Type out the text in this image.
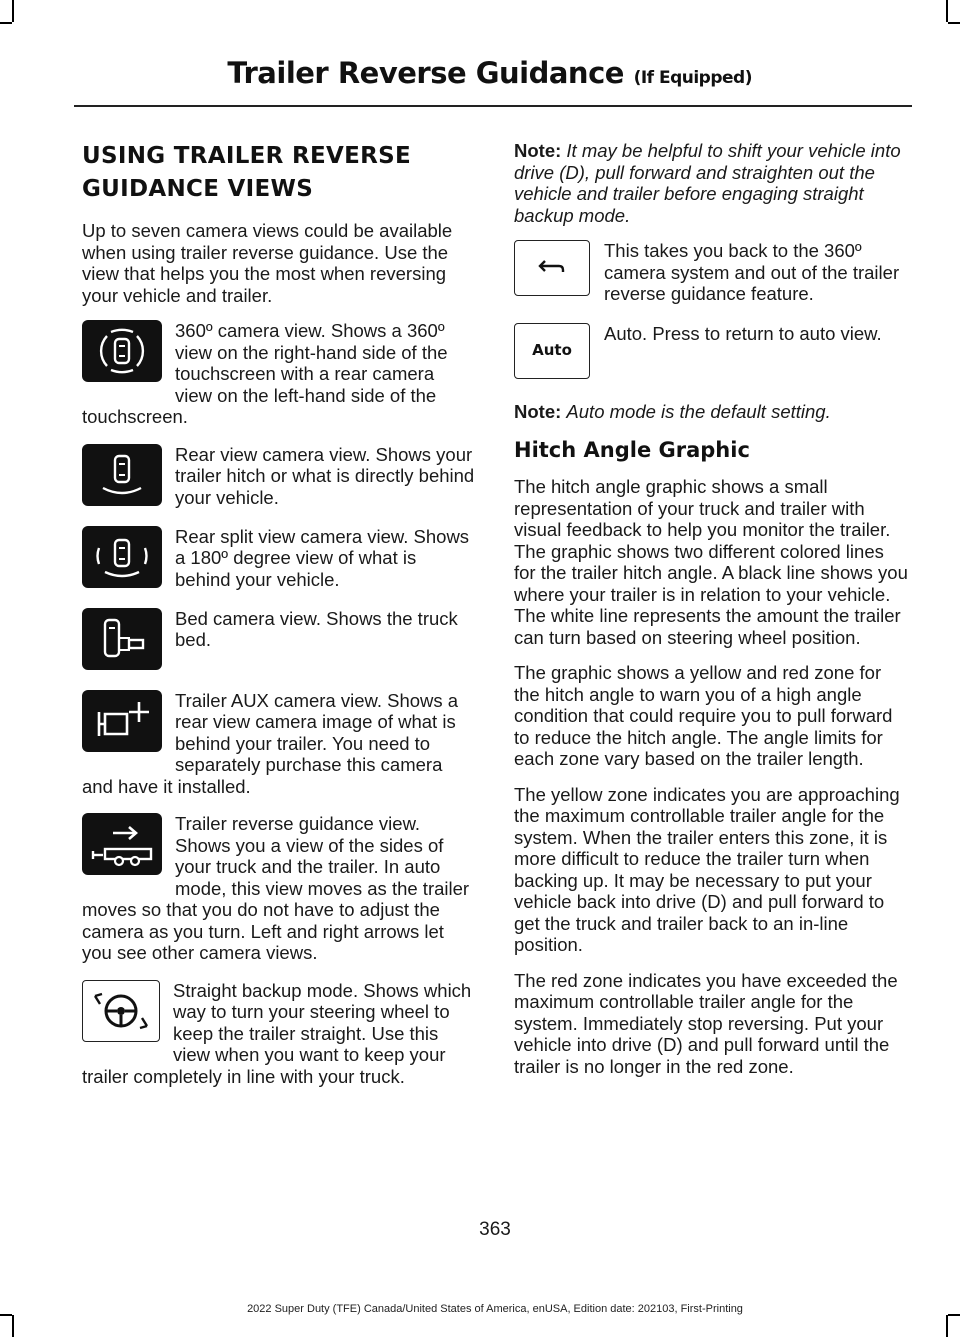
Trailer Reverse Guidance (If Equipped)
USING TRAILER REVERSE
GUIDANCE VIEWS

Up to seven camera views could be available when using trailer reverse guidance. Use the view that helps you the most when reversing your vehicle and trailer.

360º camera view. Shows a 360º view on the right-hand side of the touchscreen with a rear camera view on the left-hand side of the touchscreen.
Rear view camera view. Shows your trailer hitch or what is directly behind your vehicle.
Rear split view camera view. Shows a 180º degree view of what is behind your vehicle.
Bed camera view. Shows the truck bed.
Trailer AUX camera view. Shows a rear view camera image of what is behind your trailer. You need to separately purchase this camera and have it installed.
Trailer reverse guidance view. Shows you a view of the sides of your truck and the trailer. In auto mode, this view moves as the trailer moves so that you do not have to adjust the camera as you turn. Left and right arrows let you see other camera views.
Straight backup mode. Shows which way to turn your steering wheel to keep the trailer straight. Use this view when you want to keep your trailer completely in line with your truck.
Note: It may be helpful to shift your vehicle into drive (D), pull forward and straighten out the vehicle and trailer before engaging straight backup mode.
This takes you back to the 360º camera system and out of the trailer reverse guidance feature.
Auto
Auto. Press to return to auto view.
Note: Auto mode is the default setting.
Hitch Angle Graphic

The hitch angle graphic shows a small representation of your truck and trailer with visual feedback to help you monitor the trailer. The graphic shows two different colored lines for the trailer hitch angle. A black line shows you where your trailer is in relation to your vehicle. The white line represents the amount the trailer can turn based on steering wheel position.

The graphic shows a yellow and red zone for the hitch angle to warn you of a high angle condition that could require you to pull forward to reduce the hitch angle. The angle limits for each zone vary based on the trailer length.

The yellow zone indicates you are approaching the maximum controllable trailer angle for the system. When the trailer enters this zone, it is more difficult to reduce the trailer turn when backing up. It may be necessary to put your vehicle back into drive (D) and pull forward to get the truck and trailer back to an in-line position.

The red zone indicates you have exceeded the maximum controllable trailer angle for the system. Immediately stop reversing. Put your vehicle into drive (D) and pull forward until the trailer is no longer in the red zone.

363
2022 Super Duty (TFE) Canada/United States of America, enUSA, Edition date: 202103, First-Printing
